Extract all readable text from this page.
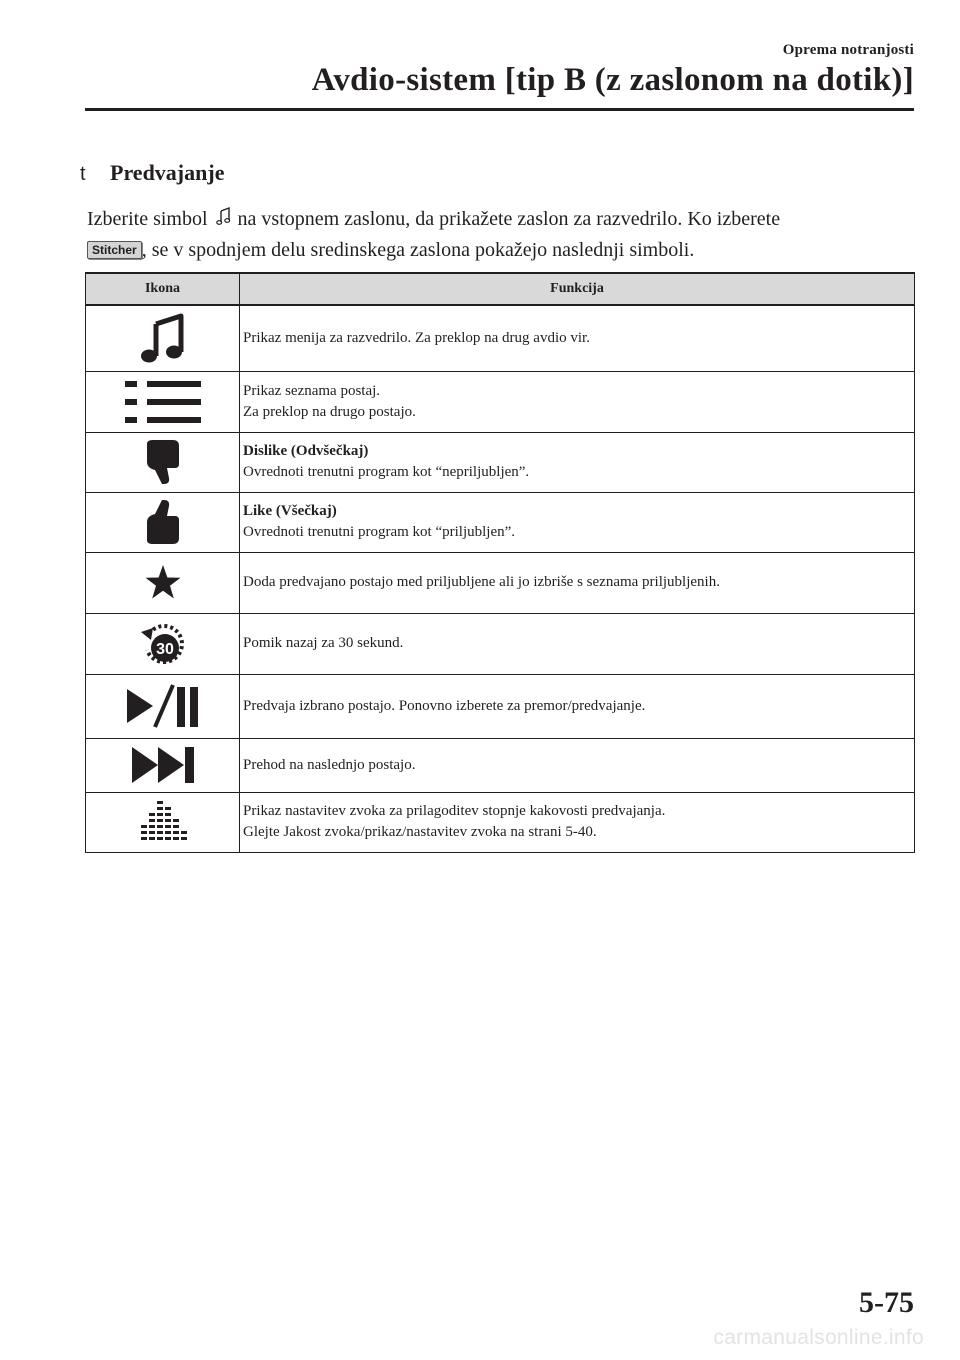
Oprema notranjosti
Avdio-sistem [tip B (z zaslonom na dotik)]
t	Predvajanje
Izberite simbol na vstopnem zaslonu, da prikažete zaslon za razvedrilo. Ko izberete
Stitcher , se v spodnjem delu sredinskega zaslona pokažejo naslednji simboli.
Ikona	Funkcija

Prikaz menija za razvedrilo. Za preklop na drug avdio vir.

Prikaz seznama postaj.
Za preklop na drugo postajo.

Dislike (Odvšečkaj)
Ovrednoti trenutni program kot “nepriljubljen”.

Like (Všečkaj)
Ovrednoti trenutni program kot “priljubljen”.

Doda predvajano postajo med priljubljene ali jo izbriše s seznama priljubljenih.

30	Pomik nazaj za 30 sekund.

Predvaja izbrano postajo. Ponovno izberete za premor/predvajanje.

Prehod na naslednjo postajo.

Prikaz nastavitev zvoka za prilagoditev stopnje kakovosti predvajanja.
Glejte Jakost zvoka/prikaz/nastavitev zvoka na strani 5-40.
5-75
carmanualsonline.info
